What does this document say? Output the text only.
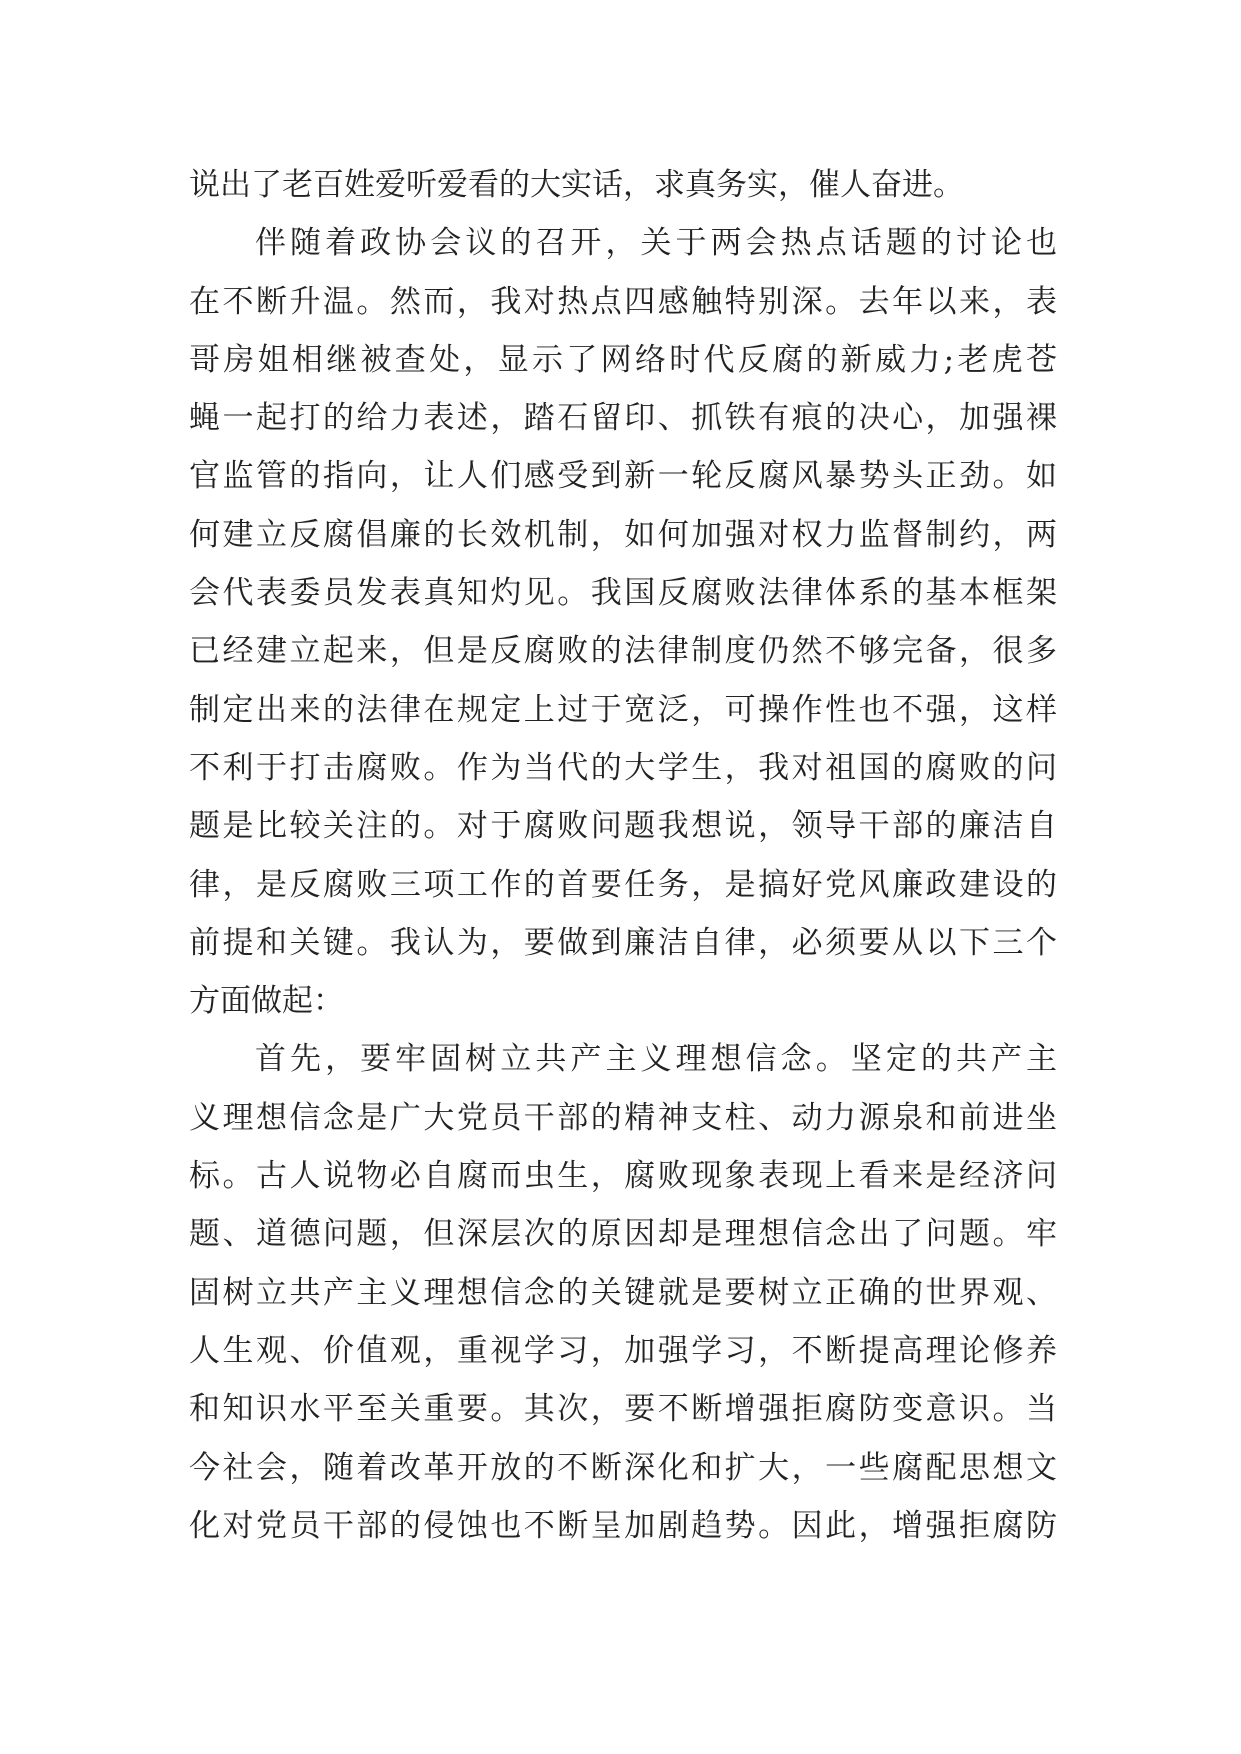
说出了老百姓爱听爱看的大实话，求真务实，催人奋进。
伴随着政协会议的召开，关于两会热点话题的讨论也
在不断升温。然而，我对热点四感触特别深。去年以来，表
哥房姐相继被查处，显示了网络时代反腐的新威力;老虎苍
蝇一起打的给力表述，踏石留印、抓铁有痕的决心，加强裸
官监管的指向，让人们感受到新一轮反腐风暴势头正劲。如
何建立反腐倡廉的长效机制，如何加强对权力监督制约，两
会代表委员发表真知灼见。我国反腐败法律体系的基本框架
已经建立起来，但是反腐败的法律制度仍然不够完备，很多
制定出来的法律在规定上过于宽泛，可操作性也不强，这样
不利于打击腐败。作为当代的大学生，我对祖国的腐败的问
题是比较关注的。对于腐败问题我想说，领导干部的廉洁自
律，是反腐败三项工作的首要任务，是搞好党风廉政建设的
前提和关键。我认为，要做到廉洁自律，必须要从以下三个
方面做起：
首先，要牢固树立共产主义理想信念。坚定的共产主
义理想信念是广大党员干部的精神支柱、动力源泉和前进坐
标。古人说物必自腐而虫生，腐败现象表现上看来是经济问
题、道德问题，但深层次的原因却是理想信念出了问题。牢
固树立共产主义理想信念的关键就是要树立正确的世界观、
人生观、价值观，重视学习，加强学习，不断提高理论修养
和知识水平至关重要。其次，要不断增强拒腐防变意识。当
今社会，随着改革开放的不断深化和扩大，一些腐配思想文
化对党员干部的侵蚀也不断呈加剧趋势。因此，增强拒腐防
